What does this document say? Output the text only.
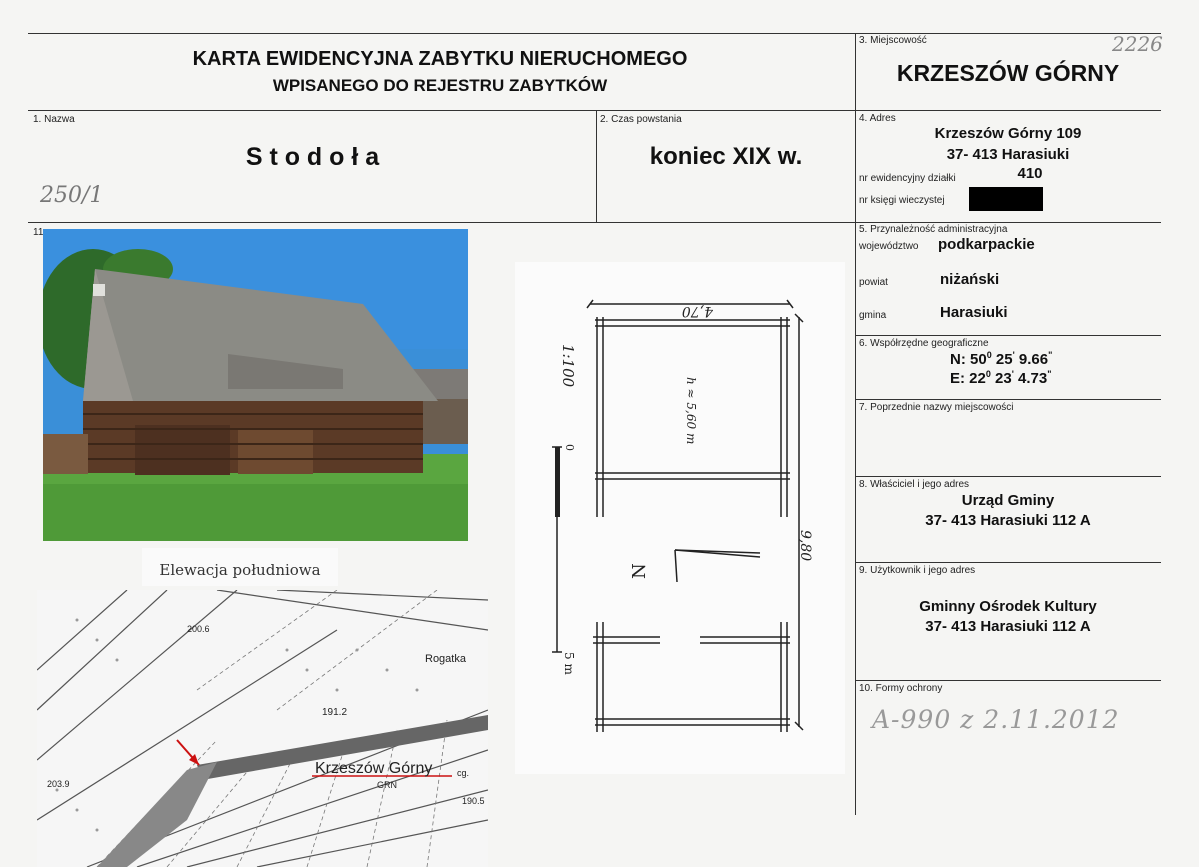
KARTA EWIDENCYJNA ZABYTKU NIERUCHOMEGO
WPISANEGO DO REJESTRU ZABYTKÓW
3. Miejscowość	2226
KRZESZÓW GÓRNY
1. Nazwa
S t o d o ł a
250/1
2. Czas powstania
koniec XIX w.
4. Adres
Krzeszów Górny 109
37- 413 Harasiuki
nr ewidencyjny działki	410
nr księgi wieczystej
11	5. Przynależność administracyjna
województwo podkarpackie
powiat	niżański
gmina	Harasiuki
6. Współrzędne geograficzne
N: $50^0$ 25' 9.66"
E: $22^0$ 23' 4.73"
7. Poprzednie nazwy miejscowości
8. Właściciel i jego adres
Urząd Gminy
37- 413 Harasiuki 112 A
9. Użytkownik i jego adres
Gminny Ośrodek Kultury
37- 413 Harasiuki 112 A
10. Formy ochrony
A-990 z 2.11.2012
Elewacja południowa
Krzeszów Górny
Rogatka
GRN
200.6
191.2
203.9
190.5
cg.
N
4,70
1:100
h ≈ 5,60 m
9,80
0
5 m
